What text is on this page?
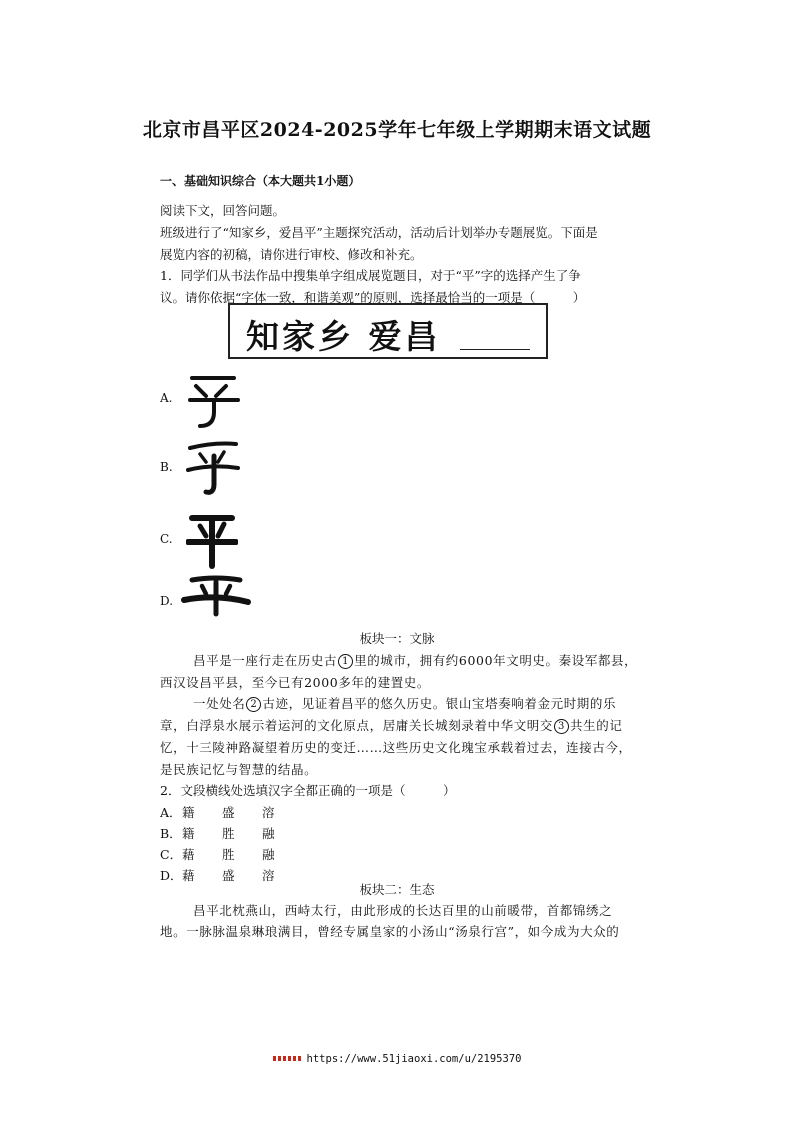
北京市昌平区2024-2025学年七年级上学期期末语文试题
一、基础知识综合（本大题共1小题）
阅读下文，回答问题。
班级进行了“知家乡，爱昌平”主题探究活动，活动后计划举办专题展览。下面是
展览内容的初稿，请你进行审校、修改和补充。
1．同学们从书法作品中搜集单字组成展览题目，对于“平”字的选择产生了争
议。请你依据“字体一致，和谐美观”的原则，选择最恰当的一项是（　　　）
知家乡 爱昌
A.
B.
C.
D.
板块一：文脉
昌平是一座行走在历史古 1 里的城市，拥有约6000年文明史。秦设军都县，
西汉设昌平县，至今已有2000多年的建置史。
一处处名 2 古迹，见证着昌平的悠久历史。银山宝塔奏响着金元时期的乐
章，白浮泉水展示着运河的文化原点，居庸关长城刻录着中华文明交 3 共生的记
忆，十三陵神路凝望着历史的变迁……这些历史文化瑰宝承载着过去，连接古今，
是民族记忆与智慧的结晶。
2．文段横线处选填汉字全都正确的一项是（　　　）
A．籍 盛 溶
B．籍 胜 融
C．藉 胜 融
D．藉 盛 溶
板块二：生态
昌平北枕燕山，西峙太行，由此形成的长达百里的山前暖带，首都锦绣之
地。一脉脉温泉琳琅满目，曾经专属皇家的小汤山“汤泉行宫”，如今成为大众的
https://www.51jiaoxi.com/u/2195370
